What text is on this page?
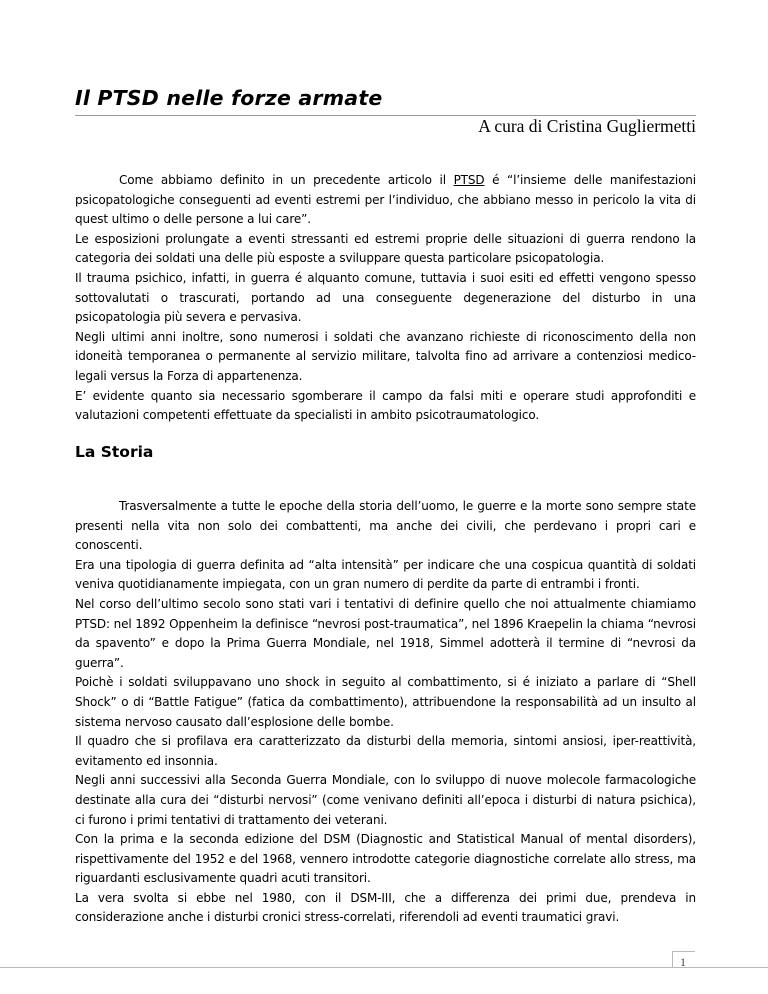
Il PTSD nelle forze armate
A cura di Cristina Gugliermetti

Come abbiamo definito in un precedente articolo il PTSD é “l’insieme delle manifestazioni psicopatologiche conseguenti ad eventi estremi per l’individuo, che abbiano messo in pericolo la vita di quest ultimo o delle persone a lui care”.

Le esposizioni prolungate a eventi stressanti ed estremi proprie delle situazioni di guerra rendono la categoria dei soldati una delle più esposte a sviluppare questa particolare psicopatologia.

Il trauma psichico, infatti, in guerra é alquanto comune, tuttavia i suoi esiti ed effetti vengono spesso sottovalutati o trascurati, portando ad una conseguente degenerazione del disturbo in una psicopatologia più severa e pervasiva.

Negli ultimi anni inoltre, sono numerosi i soldati che avanzano richieste di riconoscimento della non idoneità temporanea o permanente al servizio militare, talvolta fino ad arrivare a contenziosi medico-legali versus la Forza di appartenenza.

E’ evidente quanto sia necessario sgomberare il campo da falsi miti e operare studi approfonditi e valutazioni competenti effettuate da specialisti in ambito psicotraumatologico.

La Storia

Trasversalmente a tutte le epoche della storia dell’uomo, le guerre e la morte sono sempre state presenti nella vita non solo dei combattenti, ma anche dei civili, che perdevano i propri cari e conoscenti.

Era una tipologia di guerra definita ad “alta intensità” per indicare che una cospicua quantità di soldati veniva quotidianamente impiegata, con un gran numero di perdite da parte di entrambi i fronti.

Nel corso dell’ultimo secolo sono stati vari i tentativi di definire quello che noi attualmente chiamiamo PTSD: nel 1892 Oppenheim la definisce “nevrosi post-traumatica”, nel 1896 Kraepelin la chiama “nevrosi da spavento” e dopo la Prima Guerra Mondiale, nel 1918, Simmel adotterà il termine di “nevrosi da guerra”.

Poichè i soldati sviluppavano uno shock in seguito al combattimento, si é iniziato a parlare di “Shell Shock” o di “Battle Fatigue” (fatica da combattimento), attribuendone la responsabilità ad un insulto al sistema nervoso causato dall’esplosione delle bombe.

Il quadro che si profilava era caratterizzato da disturbi della memoria, sintomi ansiosi, iper-reattività, evitamento ed insonnia.

Negli anni successivi alla Seconda Guerra Mondiale, con lo sviluppo di nuove molecole farmacologiche destinate alla cura dei “disturbi nervosi” (come venivano definiti all’epoca i disturbi di natura psichica), ci furono i primi tentativi di trattamento dei veterani.

Con la prima e la seconda edizione del DSM (Diagnostic and Statistical Manual of mental disorders), rispettivamente del 1952 e del 1968, vennero introdotte categorie diagnostiche correlate allo stress, ma riguardanti esclusivamente quadri acuti transitori.

La vera svolta si ebbe nel 1980, con il DSM-III, che a differenza dei primi due, prendeva in considerazione anche i disturbi cronici stress-correlati, riferendoli ad eventi traumatici gravi.

1
